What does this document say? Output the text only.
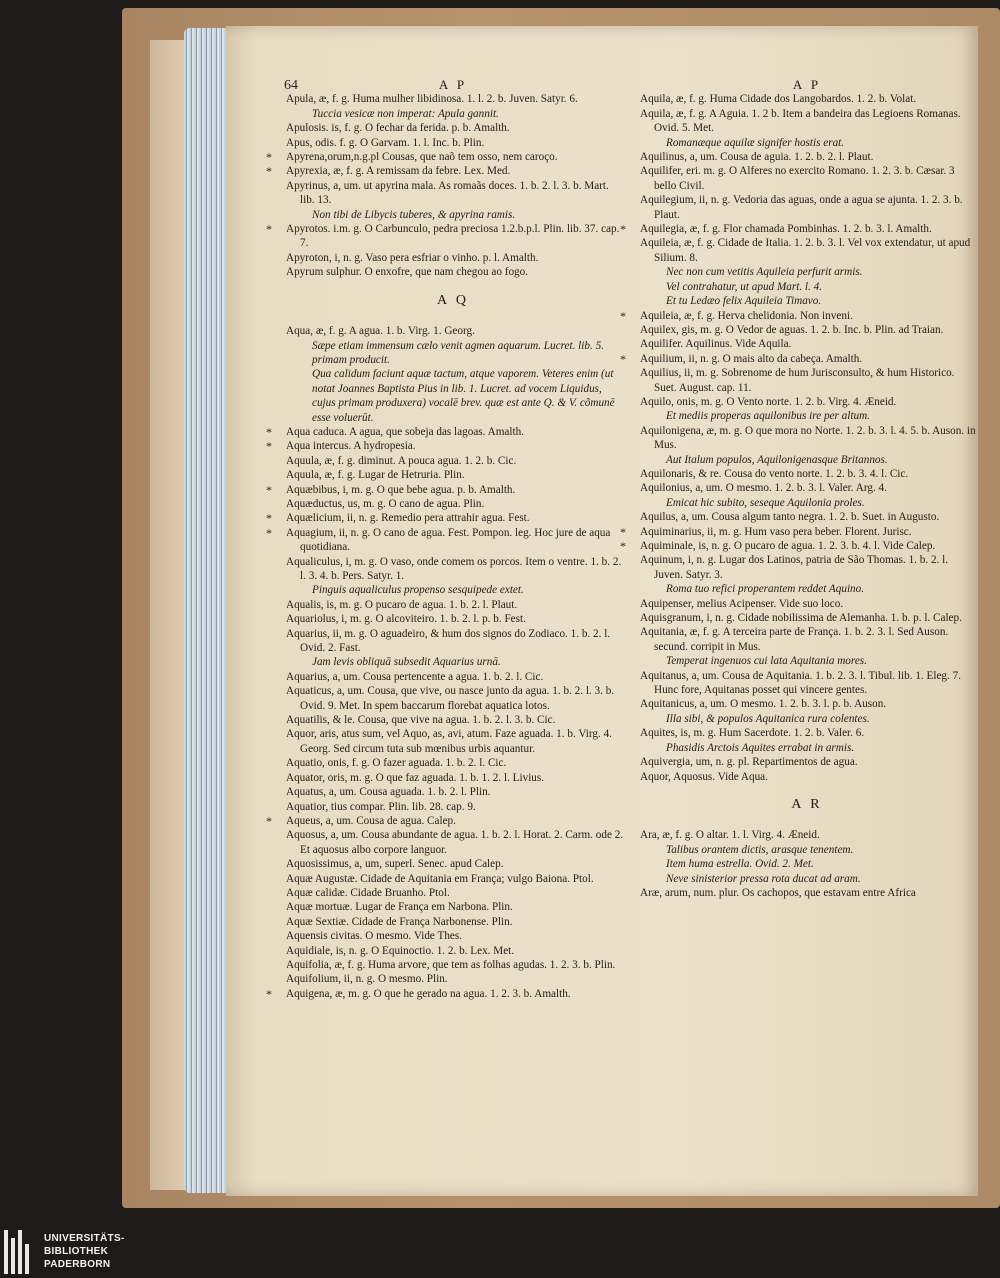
A P
Apula, æ, f. g. Huma mulher libidinosa. 1. l. 2. b. Juven. Satyr. 6.
Tuccia vesicæ non imperat: Apula gannit.
Apulosis. is, f. g. O fechar da ferida. p. b. Amalth.
Apus, odis. f. g. O Garvam. 1. l. Inc. b. Plin.
* Apyrena,orum,n.g.pl Cousas, que naõ tem osso, nem caroço.
* Apyrexia, æ, f. g. A remissam da febre. Lex. Med.
Apyrinus, a, um. ut apyrina mala. As romaãs doces. 1. b. 2. l. 3. b. Mart. lib. 13.
Non tibi de Libycis tuberes, & apyrina ramis.
* Apyrotos. i.m. g. O Carbunculo, pedra preciosa 1.2.b.p.l. Plin. lib. 37. cap. 7.
Apyroton, i, n. g. Vaso pera esfriar o vinho. p. l. Amalth.
Apyrum sulphur. O enxofre, que nam chegou ao fogo.
A Q
Aqua, æ, f. g. A agua. 1. b. Virg. 1. Georg.
Sæpe etiam immensum cælo venit agmen aquarum. Lucret. lib. 5. primam producit.
Qua calidum faciunt aquæ tactum, atque vaporem. Veteres enim (ut notat Joannes Baptista Pius in lib. 1. Lucret. ad vocem Liquidus, cujus primam produxera) vocalē brev. quæ est ante Q. & V. cõmunē esse voluerūt.
* Aqua caduca. A agua, que sobeja das lagoas. Amalth.
* Aqua intercus. A hydropesia.
Aquula, æ, f. g. diminut. A pouca agua. 1. 2. b. Cic.
Aquula, æ, f. g. Lugar de Hetruria. Plin.
* Aquæbibus, i, m. g. O que bebe agua. p. b. Amalth.
Aquæductus, us, m. g. O cano de agua. Plin.
* Aquælicium, ii, n. g. Remedio pera attrahir agua. Fest.
* Aquagium, ii, n. g. O cano de agua. Fest. Pompon. leg. Hoc jure de aqua quotidiana.
Aqualiculus, i, m. g. O vaso, onde comem os porcos. Item o ventre. 1. b. 2. l. 3. 4. b. Pers. Satyr. 1.
Pinguis aqualiculus propenso sesquipede extet.
Aqualis, is, m. g. O pucaro de agua. 1. b. 2. l. Plaut.
Aquariolus, i, m. g. O alcoviteiro. 1. b. 2. l. p. b. Fest.
Aquarius, ii, m. g. O aguadeiro, & hum dos signos do Zodiaco. 1. b. 2. l. Ovid. 2. Fast.
Jam levis obliquā subsedit Aquarius urnā.
Aquarius, a, um. Cousa pertencente a agua. 1. b. 2. l. Cic.
Aquaticus, a, um. Cousa, que vive, ou nasce junto da agua. 1. b. 2. l. 3. b. Ovid. 9. Met. In spem baccarum florebat aquatica lotos.
Aquatilis, & le. Cousa, que vive na agua. 1. b. 2. l. 3. b. Cic.
Aquor, aris, atus sum, vel Aquo, as, avi, atum. Faze aguada. 1. b. Virg. 4. Georg. Sed circum tuta sub mœnibus urbis aquantur.
Aquatio, onis, f. g. O fazer aguada. 1. b. 2. l. Cic.
Aquator, oris, m. g. O que faz aguada. 1. b. 1. 2. l. Livius.
Aquatus, a, um. Cousa aguada. 1. b. 2. l. Plin.
Aquatior, tius compar. Plin. lib. 28. cap. 9.
* Aqueus, a, um. Cousa de agua. Calep.
Aquosus, a, um. Cousa abundante de agua. 1. b. 2. l. Horat. 2. Carm. ode 2. Et aquosus albo corpore languor.
Aquosissimus, a, um, superl. Senec. apud Calep.
Aquæ Augustæ. Cidade de Aquitania em França; vulgo Baiona. Ptol.
Aquæ calidæ. Cidade Bruanho. Ptol.
Aquæ mortuæ. Lugar de França em Narbona. Plin.
Aquæ Sextiæ. Cidade de França Narbonense. Plin.
Aquensis civitas. O mesmo. Vide Thes.
Aquidiale, is, n. g. O Equinoctio. 1. 2. b. Lex. Met.
Aquifolia, æ, f. g. Huma arvore, que tem as folhas agudas. 1. 2. 3. b. Plin.
Aquifolium, ii, n. g. O mesmo. Plin.
* Aquigena, æ, m. g. O que he gerado na agua. 1. 2. 3. b. Amalth.
64	A P
Aquila, æ, f. g. Huma Cidade dos Langobardos. 1. 2. b. Volat.
Aquila, æ, f. g. A Aguia. 1. 2 b. Item a bandeira das Legioens Romanas. Ovid. 5. Met.
Romanæque aquilæ signifer hostis erat.
Aquilinus, a, um. Cousa de aguia. 1. 2. b. 2. l. Plaut.
Aquilifer, eri. m. g. O Alferes no exercito Romano. 1. 2. 3. b. Cæsar. 3 bello Civil.
Aquilegium, ii, n. g. Vedoria das aguas, onde a agua se ajunta. 1. 2. 3. b. Plaut.
* Aquilegia, æ, f. g. Flor chamada Pombinhas. 1. 2. b. 3. l. Amalth.
Aquileia, æ, f. g. Cidade de Italia. 1. 2. b. 3. l. Vel vox extendatur, ut apud Silium. 8.
Nec non cum vetitis Aquileia perfurit armis.
Vel contrahatur, ut apud Mart. l. 4.
Et tu Ledæo felix Aquileia Timavo.
* Aquileia, æ, f. g. Herva chelidonia. Non inveni.
Aquilex, gis, m. g. O Vedor de aguas. 1. 2. b. Inc. b. Plin. ad Traian.
Aquilifer. Aquilinus. Vide Aquila.
* Aquilium, ii, n. g. O mais alto da cabeça. Amalth.
Aquilius, ii, m. g. Sobrenome de hum Jurisconsulto, & hum Historico. Suet. August. cap. 11.
Aquilo, onis, m. g. O Vento norte. 1. 2. b. Virg. 4. Æneid.
Et mediis properas aquilonibus ire per altum.
Aquilonigena, æ, m. g. O que mora no Norte. 1. 2. b. 3. l. 4. 5. b. Auson. in Mus.
Aut Italum populos, Aquilonigenasque Britannos.
Aquilonaris, & re. Cousa do vento norte. 1. 2. b. 3. 4. l. Cic.
Aquilonius, a, um. O mesmo. 1. 2. b. 3. l. Valer. Arg. 4.
Emicat hic subito, seseque Aquilonia proles.
Aquilus, a, um. Cousa algum tanto negra. 1. 2. b. Suet. in Augusto.
* Aquiminarius, ii, m. g. Hum vaso pera beber. Florent. Jurisc.
* Aquiminale, is, n. g. O pucaro de agua. 1. 2. 3. b. 4. l. Vide Calep.
Aquinum, i, n. g. Lugar dos Latinos, patria de São Thomas. 1. b. 2. l. Juven. Satyr. 3.
Roma tuo refici properantem reddet Aquino.
Aquipenser, melius Acipenser. Vide suo loco.
Aquisgranum, i, n. g. Cidade nobilissima de Alemanha. 1. b. p. l. Calep.
Aquitania, æ, f. g. A terceira parte de França. 1. b. 2. 3. l. Sed Auson. secund. corripit in Mus.
Temperat ingenuos cui lata Aquitania mores.
Aquitanus, a, um. Cousa de Aquitania. 1. b. 2. 3. l. Tibul. lib. 1. Eleg. 7. Hunc fore, Aquitanas posset qui vincere gentes.
Aquitanicus, a, um. O mesmo. 1. 2. b. 3. l. p. b. Auson.
Illa sibi, & populos Aquitanica rura colentes.
Aquites, is, m. g. Hum Sacerdote. 1. 2. b. Valer. 6.
Phasidis Arctois Aquites errabat in armis.
Aquivergia, um, n. g. pl. Repartimentos de agua.
Aquor, Aquosus. Vide Aqua.
A R
Ara, æ, f. g. O altar. 1. l. Virg. 4. Æneid.
Talibus orantem dictis, arasque tenentem.
Item huma estrella. Ovid. 2. Met.
Neve sinisterior pressa rota ducat ad aram.
Aræ, arum, num. plur. Os cachopos, que estavam entre Africa
UNIVERSITÄTS-
BIBLIOTHEK
PADERBORN
